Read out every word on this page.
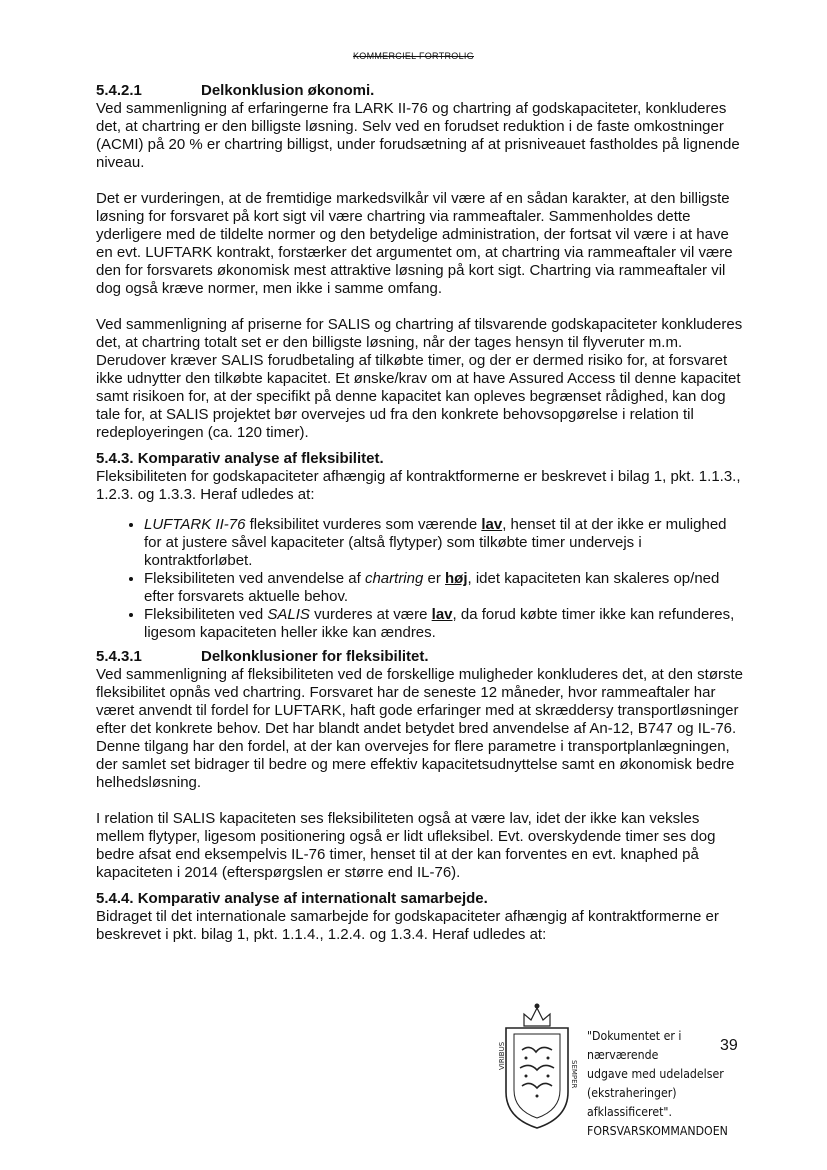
KOMMERCIEL FORTROLIG

5.4.2.1	Delkonklusion økonomi.

Ved sammenligning af erfaringerne fra LARK II-76 og chartring af godskapaciteter, konkluderes det, at chartring er den billigste løsning. Selv ved en forudset reduktion i de faste omkostninger (ACMI) på 20 % er chartring billigst, under forudsætning af at prisniveauet fastholdes på lignende niveau.

Det er vurderingen, at de fremtidige markedsvilkår vil være af en sådan karakter, at den billigste løsning for forsvaret på kort sigt vil være chartring via rammeaftaler. Sammenholdes dette yderligere med de tildelte normer og den betydelige administration, der fortsat vil være i at have en evt. LUFTARK kontrakt, forstærker det argumentet om, at chartring via rammeaftaler vil være den for forsvarets økonomisk mest attraktive løsning på kort sigt. Chartring via rammeaftaler vil dog også kræve normer, men ikke i samme omfang.

Ved sammenligning af priserne for SALIS og chartring af tilsvarende godskapaciteter konkluderes det, at chartring totalt set er den billigste løsning, når der tages hensyn til flyveruter m.m. Derudover kræver SALIS forudbetaling af tilkøbte timer, og der er dermed risiko for, at forsvaret ikke udnytter den tilkøbte kapacitet. Et ønske/krav om at have Assured Access til denne kapacitet samt risikoen for, at der specifikt på denne kapacitet kan opleves begrænset rådighed, kan dog tale for, at SALIS projektet bør overvejes ud fra den konkrete behovsopgørelse i relation til redeployeringen (ca. 120 timer).

5.4.3. Komparativ analyse af fleksibilitet.

Fleksibiliteten for godskapaciteter afhængig af kontraktformerne er beskrevet i bilag 1, pkt. 1.1.3., 1.2.3. og 1.3.3. Heraf udledes at:

• LUFTARK II-76 fleksibilitet vurderes som værende lav, henset til at der ikke er mulighed for at justere såvel kapaciteter (altså flytyper) som tilkøbte timer undervejs i kontraktforløbet.
• Fleksibiliteten ved anvendelse af chartring er høj, idet kapaciteten kan skaleres op/ned efter forsvarets aktuelle behov.
• Fleksibiliteten ved SALIS vurderes at være lav, da forud købte timer ikke kan refunderes, ligesom kapaciteten heller ikke kan ændres.

5.4.3.1	Delkonklusioner for fleksibilitet.

Ved sammenligning af fleksibiliteten ved de forskellige muligheder konkluderes det, at den største fleksibilitet opnås ved chartring. Forsvaret har de seneste 12 måneder, hvor rammeaftaler har været anvendt til fordel for LUFTARK, haft gode erfaringer med at skræddersy transportløsninger efter det konkrete behov. Det har blandt andet betydet bred anvendelse af An-12, B747 og IL-76. Denne tilgang har den fordel, at der kan overvejes for flere parametre i transportplanlægningen, der samlet set bidrager til bedre og mere effektiv kapacitetsudnyttelse samt en økonomisk bedre helhedsløsning.

I relation til SALIS kapaciteten ses fleksibiliteten også at være lav, idet der ikke kan veksles mellem flytyper, ligesom positionering også er lidt ufleksibel. Evt. overskydende timer ses dog bedre afsat end eksempelvis IL-76 timer, henset til at der kan forventes en evt. knaphed på kapaciteten i 2014 (efterspørgslen er større end IL-76).

5.4.4. Komparativ analyse af internationalt samarbejde.

Bidraget til det internationale samarbejde for godskapaciteter afhængig af kontraktformerne er beskrevet i pkt. bilag 1, pkt. 1.1.4., 1.2.4. og 1.3.4. Heraf udledes at:

VIRIBUS
SEMPER
"Dokumentet er i nærværende
udgave med udeladelser
(ekstraheringer) afklassificeret".
FORSVARSKOMMANDOEN
39
